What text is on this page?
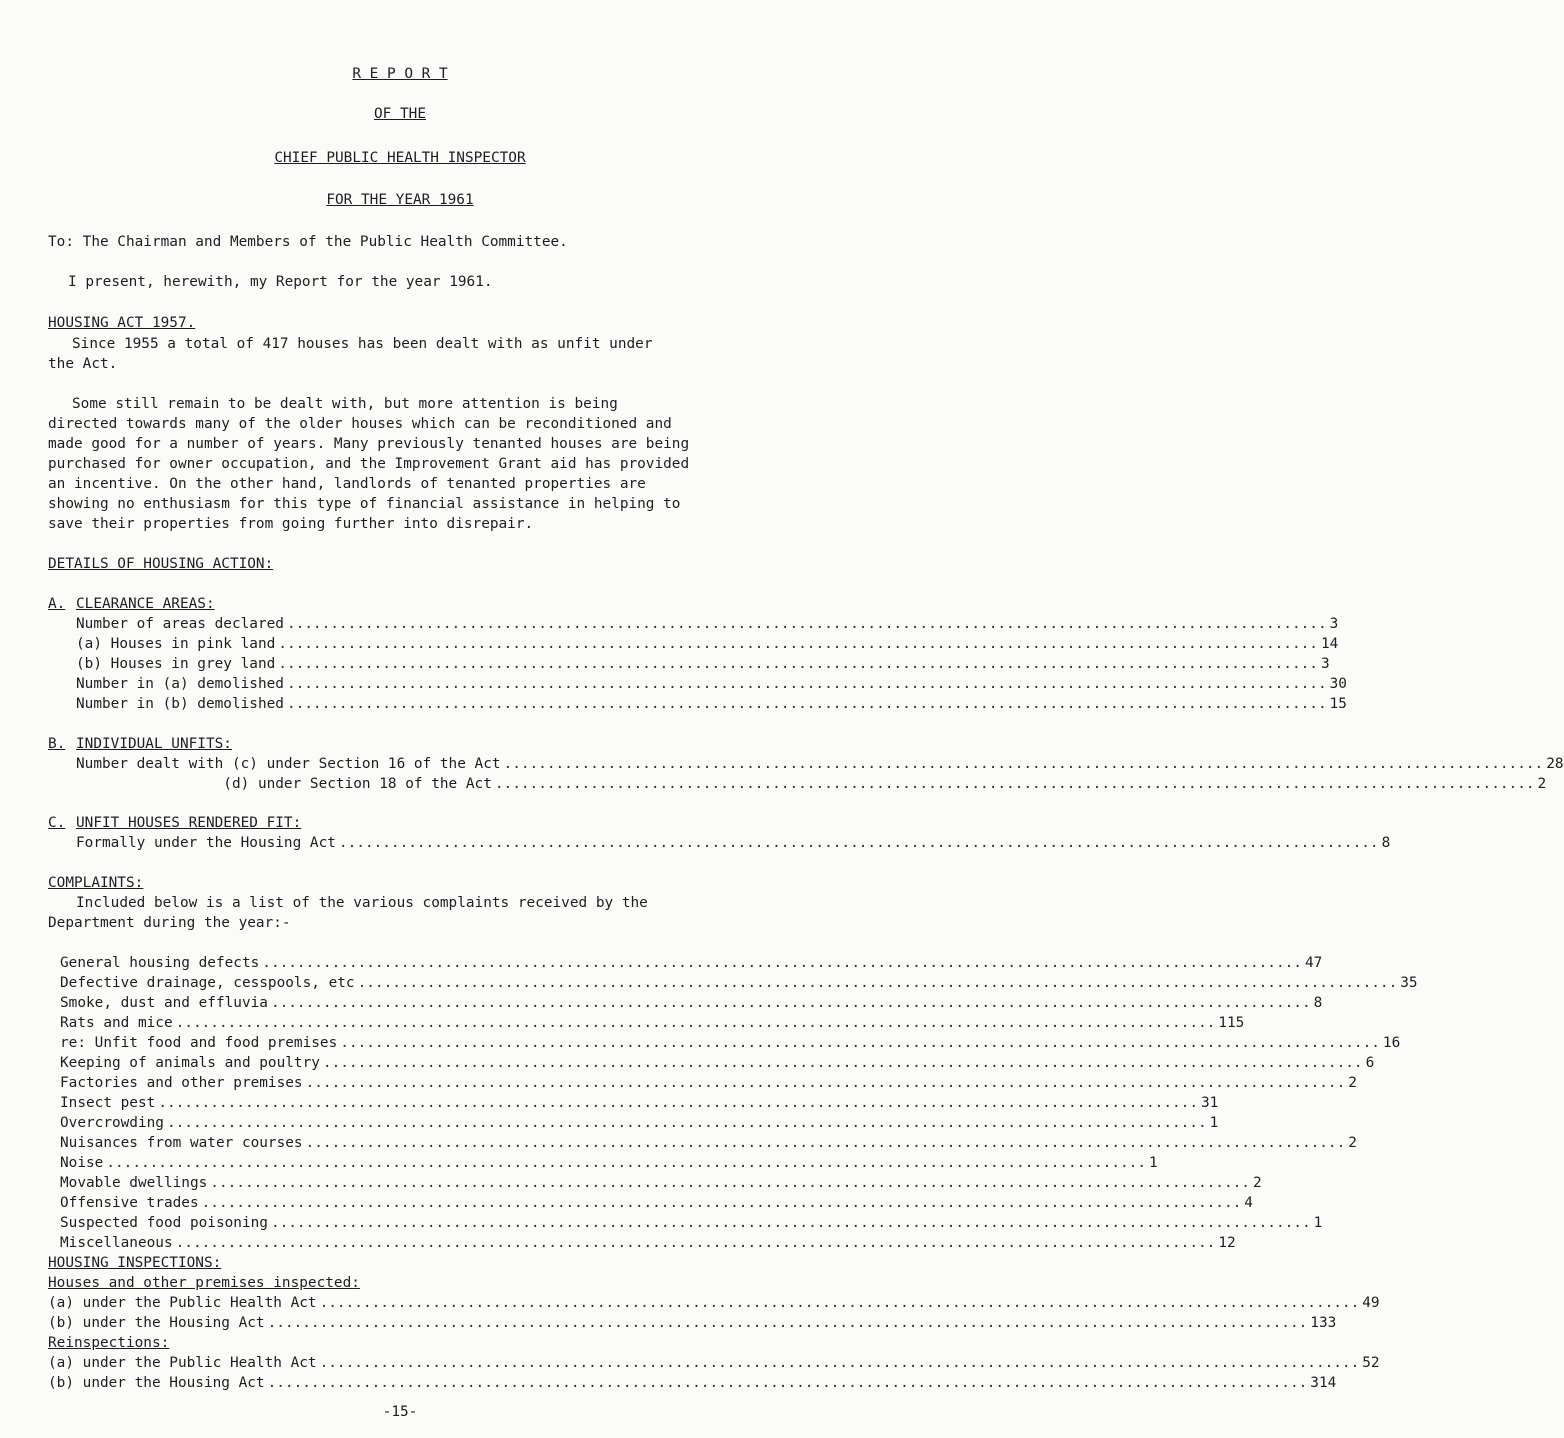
R E P O R T
OF THE
CHIEF PUBLIC HEALTH INSPECTOR
FOR THE YEAR 1961
To: The Chairman and Members of the Public Health Committee.
I present, herewith, my Report for the year 1961.
HOUSING ACT 1957.
Since 1955 a total of 417 houses has been dealt with as unfit under
the Act.
Some still remain to be dealt with, but more attention is being
directed towards many of the older houses which can be reconditioned and
made good for a number of years. Many previously tenanted houses are being
purchased for owner occupation, and the Improvement Grant aid has provided
an incentive. On the other hand, landlords of tenanted properties are
showing no enthusiasm for this type of financial assistance in helping to
save their properties from going further into disrepair.
DETAILS OF HOUSING ACTION:
A. CLEARANCE AREAS:
Number of areas declared ........................................................................................................................ 3
(a) Houses in pink land ........................................................................................................................ 14
(b) Houses in grey land ........................................................................................................................ 3
Number in (a) demolished ........................................................................................................................ 30
Number in (b) demolished ........................................................................................................................ 15
B. INDIVIDUAL UNFITS:
Number dealt with (c) under Section 16 of the Act ........................................................................................................................ 28
(d) under Section 18 of the Act ........................................................................................................................ 2
C. UNFIT HOUSES RENDERED FIT:
Formally under the Housing Act ........................................................................................................................ 8
COMPLAINTS:
Included below is a list of the various complaints received by the
Department during the year:-
General housing defects ........................................................................................................................ 47
Defective drainage, cesspools, etc ........................................................................................................................ 35
Smoke, dust and effluvia ........................................................................................................................ 8
Rats and mice ........................................................................................................................ 115
re: Unfit food and food premises ........................................................................................................................ 16
Keeping of animals and poultry ........................................................................................................................ 6
Factories and other premises ........................................................................................................................ 2
Insect pest ........................................................................................................................ 31
Overcrowding ........................................................................................................................ 1
Nuisances from water courses ........................................................................................................................ 2
Noise ........................................................................................................................ 1
Movable dwellings ........................................................................................................................ 2
Offensive trades ........................................................................................................................ 4
Suspected food poisoning ........................................................................................................................ 1
Miscellaneous ........................................................................................................................ 12
HOUSING INSPECTIONS:
Houses and other premises inspected:
(a) under the Public Health Act ........................................................................................................................ 49
(b) under the Housing Act ........................................................................................................................ 133
Reinspections:
(a) under the Public Health Act ........................................................................................................................ 52
(b) under the Housing Act ........................................................................................................................ 314
-15-
